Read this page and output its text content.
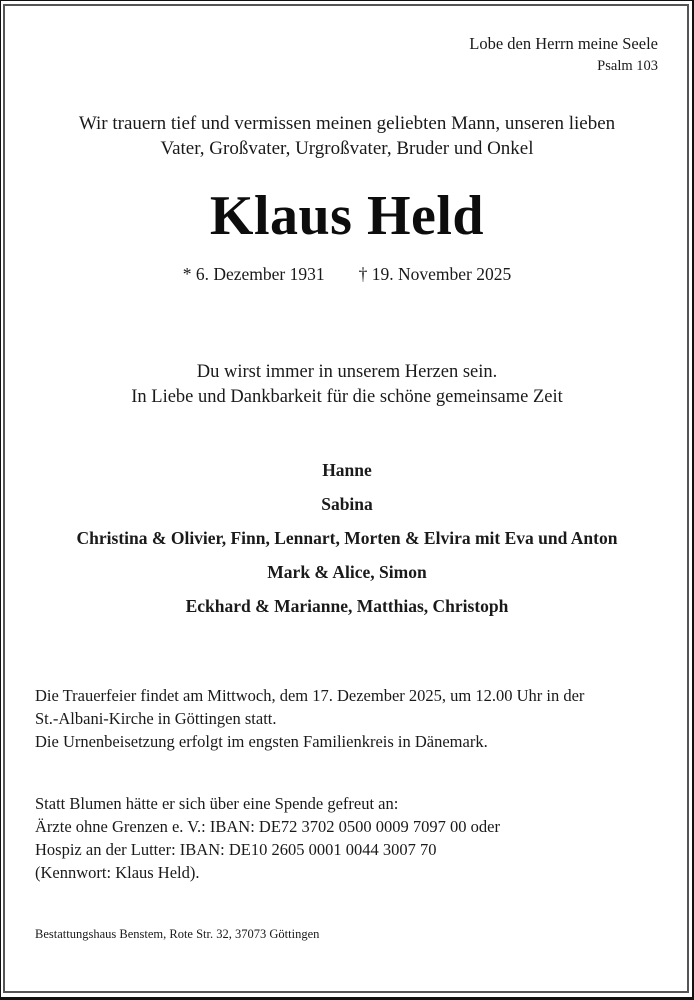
Lobe den Herrn meine Seele
Psalm 103
Wir trauern tief und vermissen meinen geliebten Mann, unseren lieben
Vater, Großvater, Urgroßvater, Bruder und Onkel
Klaus Held
* 6. Dezember 1931 † 19. November 2025
Du wirst immer in unserem Herzen sein.
In Liebe und Dankbarkeit für die schöne gemeinsame Zeit
Hanne
Sabina
Christina & Olivier, Finn, Lennart, Morten & Elvira mit Eva und Anton
Mark & Alice, Simon
Eckhard & Marianne, Matthias, Christoph
Die Trauerfeier findet am Mittwoch, dem 17. Dezember 2025, um 12.00 Uhr in der
St.-Albani-Kirche in Göttingen statt.
Die Urnenbeisetzung erfolgt im engsten Familienkreis in Dänemark.
Statt Blumen hätte er sich über eine Spende gefreut an:
Ärzte ohne Grenzen e. V.: IBAN: DE72 3702 0500 0009 7097 00 oder
Hospiz an der Lutter: IBAN: DE10 2605 0001 0044 3007 70
(Kennwort: Klaus Held).
Bestattungshaus Benstem, Rote Str. 32, 37073 Göttingen
